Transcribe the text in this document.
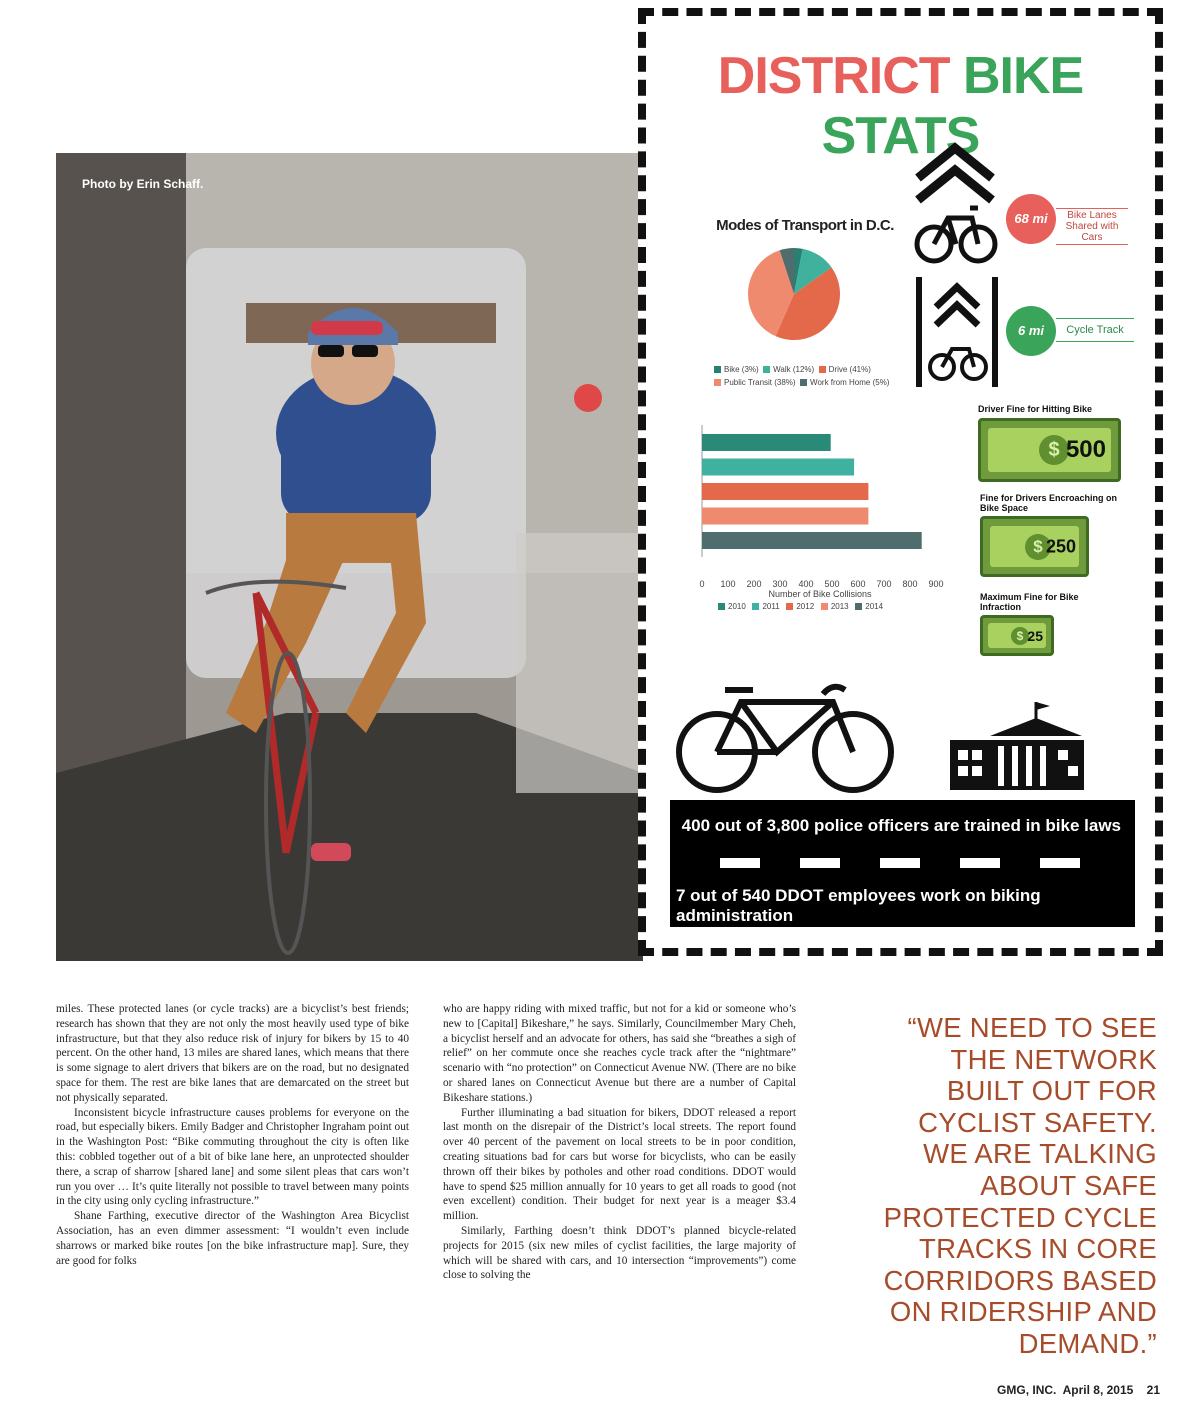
Photo by Erin Schaff.
DISTRICT BIKE STATS
Modes of Transport in D.C.
Bike (3%) Walk (12%) Drive (41%)
Public Transit (38%) Work from Home (5%)
68 mi	Bike Lanes Shared with Cars
6 mi	Cycle Track
0 100 200 300 400 500 600 700 800 900
Number of Bike Collisions
2010 2011 2012 2013 2014
Driver Fine for Hitting Bike
$ 500
Fine for Drivers Encroaching on Bike Space
$ 250
Maximum Fine for Bike Infraction
$ 25
400 out of 3,800 police officers are trained in bike laws
7 out of 540 DDOT employees work on biking administration

miles. These protected lanes (or cycle tracks) are a bicyclist’s best friends; research has shown that they are not only the most heavily used type of bike infrastructure, but that they also reduce risk of injury for bikers by 15 to 40 percent. On the other hand, 13 miles are shared lanes, which means that there is some signage to alert drivers that bikers are on the road, but no designated space for them. The rest are bike lanes that are demarcated on the street but not physically separated.

Inconsistent bicycle infrastructure causes problems for everyone on the road, but especially bikers. Emily Badger and Christopher Ingraham point out in the Washington Post: “Bike commuting throughout the city is often like this: cobbled together out of a bit of bike lane here, an unprotected shoulder there, a scrap of sharrow [shared lane] and some silent pleas that cars won’t run you over … It’s quite literally not possible to travel between many points in the city using only cycling infrastructure.”

Shane Farthing, executive director of the Washington Area Bicyclist Association, has an even dimmer assessment: “I wouldn’t even include sharrows or marked bike routes [on the bike infrastructure map]. Sure, they are good for folks

who are happy riding with mixed traffic, but not for a kid or someone who’s new to [Capital] Bikeshare,” he says. Similarly, Councilmember Mary Cheh, a bicyclist herself and an advocate for others, has said she “breathes a sigh of relief” on her commute once she reaches cycle track after the “nightmare” scenario with “no protection” on Connecticut Avenue NW. (There are no bike or shared lanes on Connecticut Avenue but there are a number of Capital Bikeshare stations.)

Further illuminating a bad situation for bikers, DDOT released a report last month on the disrepair of the District’s local streets. The report found over 40 percent of the pavement on local streets to be in poor condition, creating situations bad for cars but worse for bicyclists, who can be easily thrown off their bikes by potholes and other road conditions. DDOT would have to spend $25 million annually for 10 years to get all roads to good (not even excellent) condition. Their budget for next year is a meager $3.4 million.

Similarly, Farthing doesn’t think DDOT’s planned bicycle-related projects for 2015 (six new miles of cyclist facilities, the large majority of which will be shared with cars, and 10 intersection “improvements”) come close to solving the

“WE NEED TO SEE THE NETWORK BUILT OUT FOR CYCLIST SAFETY. WE ARE TALKING ABOUT SAFE PROTECTED CYCLE TRACKS IN CORE CORRIDORS BASED ON RIDERSHIP AND DEMAND.”
GMG, INC.  April 8, 2015    21
